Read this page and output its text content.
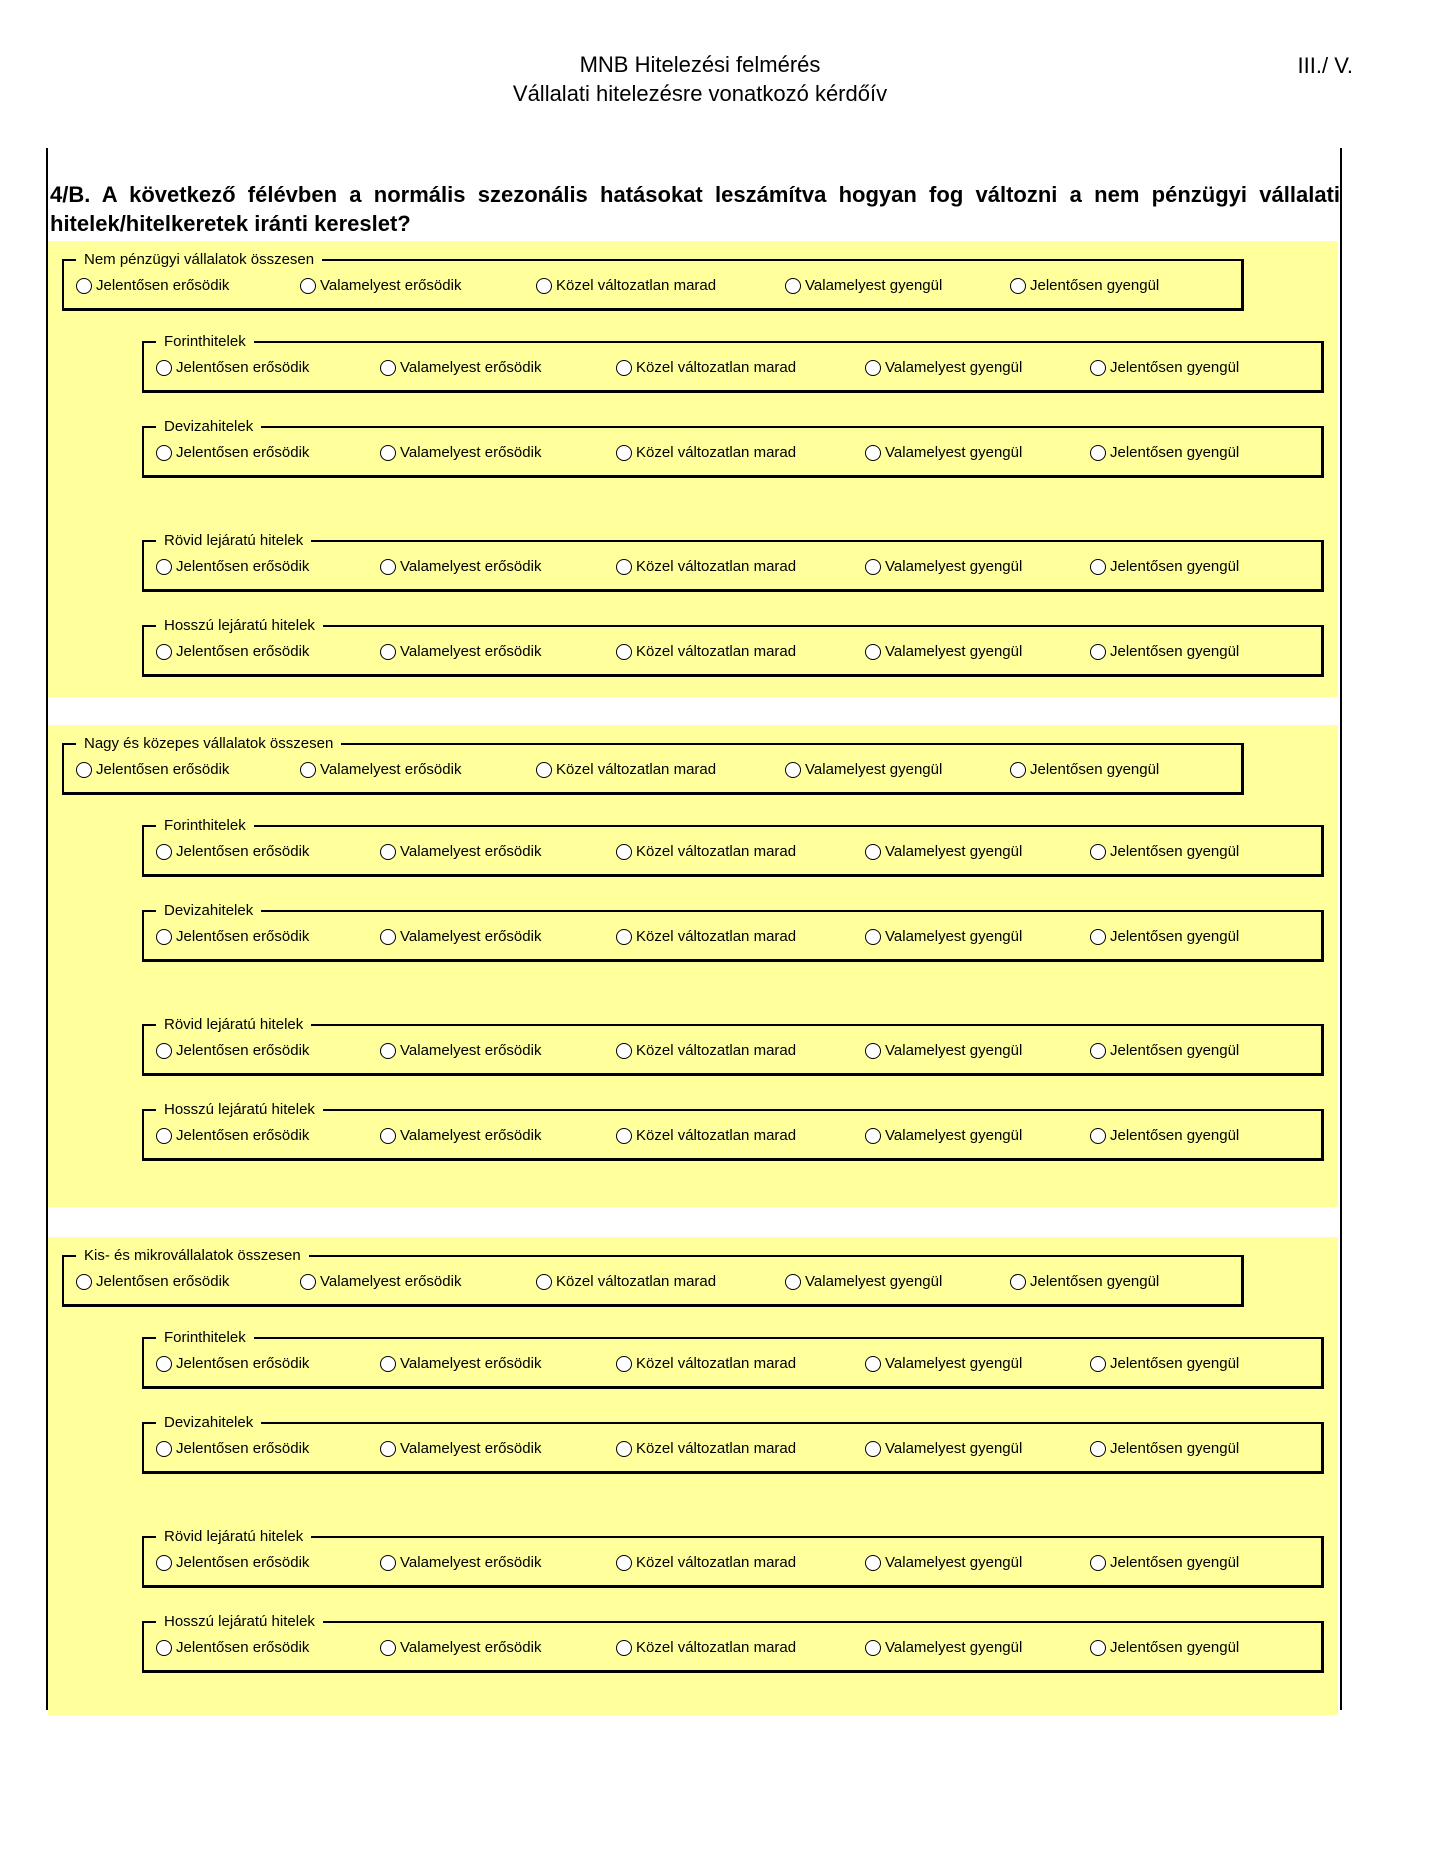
MNB Hitelezési felmérés
Vállalati hitelezésre vonatkozó kérdőív
III./ V.
4/B. A következő félévben a normális szezonális hatásokat leszámítva hogyan fog változni a nem pénzügyi vállalati hitelek/hitelkeretek iránti kereslet?
Nem pénzügyi vállalatok összesen
Jelentősen erősödik	Valamelyest erősödik	Közel változatlan marad	Valamelyest gyengül	Jelentősen gyengül
Forinthitelek
Jelentősen erősödik	Valamelyest erősödik	Közel változatlan marad	Valamelyest gyengül	Jelentősen gyengül
Devizahitelek
Jelentősen erősödik	Valamelyest erősödik	Közel változatlan marad	Valamelyest gyengül	Jelentősen gyengül
Rövid lejáratú hitelek
Jelentősen erősödik	Valamelyest erősödik	Közel változatlan marad	Valamelyest gyengül	Jelentősen gyengül
Hosszú lejáratú hitelek
Jelentősen erősödik	Valamelyest erősödik	Közel változatlan marad	Valamelyest gyengül	Jelentősen gyengül
Nagy és közepes vállalatok összesen
Jelentősen erősödik	Valamelyest erősödik	Közel változatlan marad	Valamelyest gyengül	Jelentősen gyengül
Forinthitelek
Jelentősen erősödik	Valamelyest erősödik	Közel változatlan marad	Valamelyest gyengül	Jelentősen gyengül
Devizahitelek
Jelentősen erősödik	Valamelyest erősödik	Közel változatlan marad	Valamelyest gyengül	Jelentősen gyengül
Rövid lejáratú hitelek
Jelentősen erősödik	Valamelyest erősödik	Közel változatlan marad	Valamelyest gyengül	Jelentősen gyengül
Hosszú lejáratú hitelek
Jelentősen erősödik	Valamelyest erősödik	Közel változatlan marad	Valamelyest gyengül	Jelentősen gyengül
Kis- és mikrovállalatok összesen
Jelentősen erősödik	Valamelyest erősödik	Közel változatlan marad	Valamelyest gyengül	Jelentősen gyengül
Forinthitelek
Jelentősen erősödik	Valamelyest erősödik	Közel változatlan marad	Valamelyest gyengül	Jelentősen gyengül
Devizahitelek
Jelentősen erősödik	Valamelyest erősödik	Közel változatlan marad	Valamelyest gyengül	Jelentősen gyengül
Rövid lejáratú hitelek
Jelentősen erősödik	Valamelyest erősödik	Közel változatlan marad	Valamelyest gyengül	Jelentősen gyengül
Hosszú lejáratú hitelek
Jelentősen erősödik	Valamelyest erősödik	Közel változatlan marad	Valamelyest gyengül	Jelentősen gyengül
